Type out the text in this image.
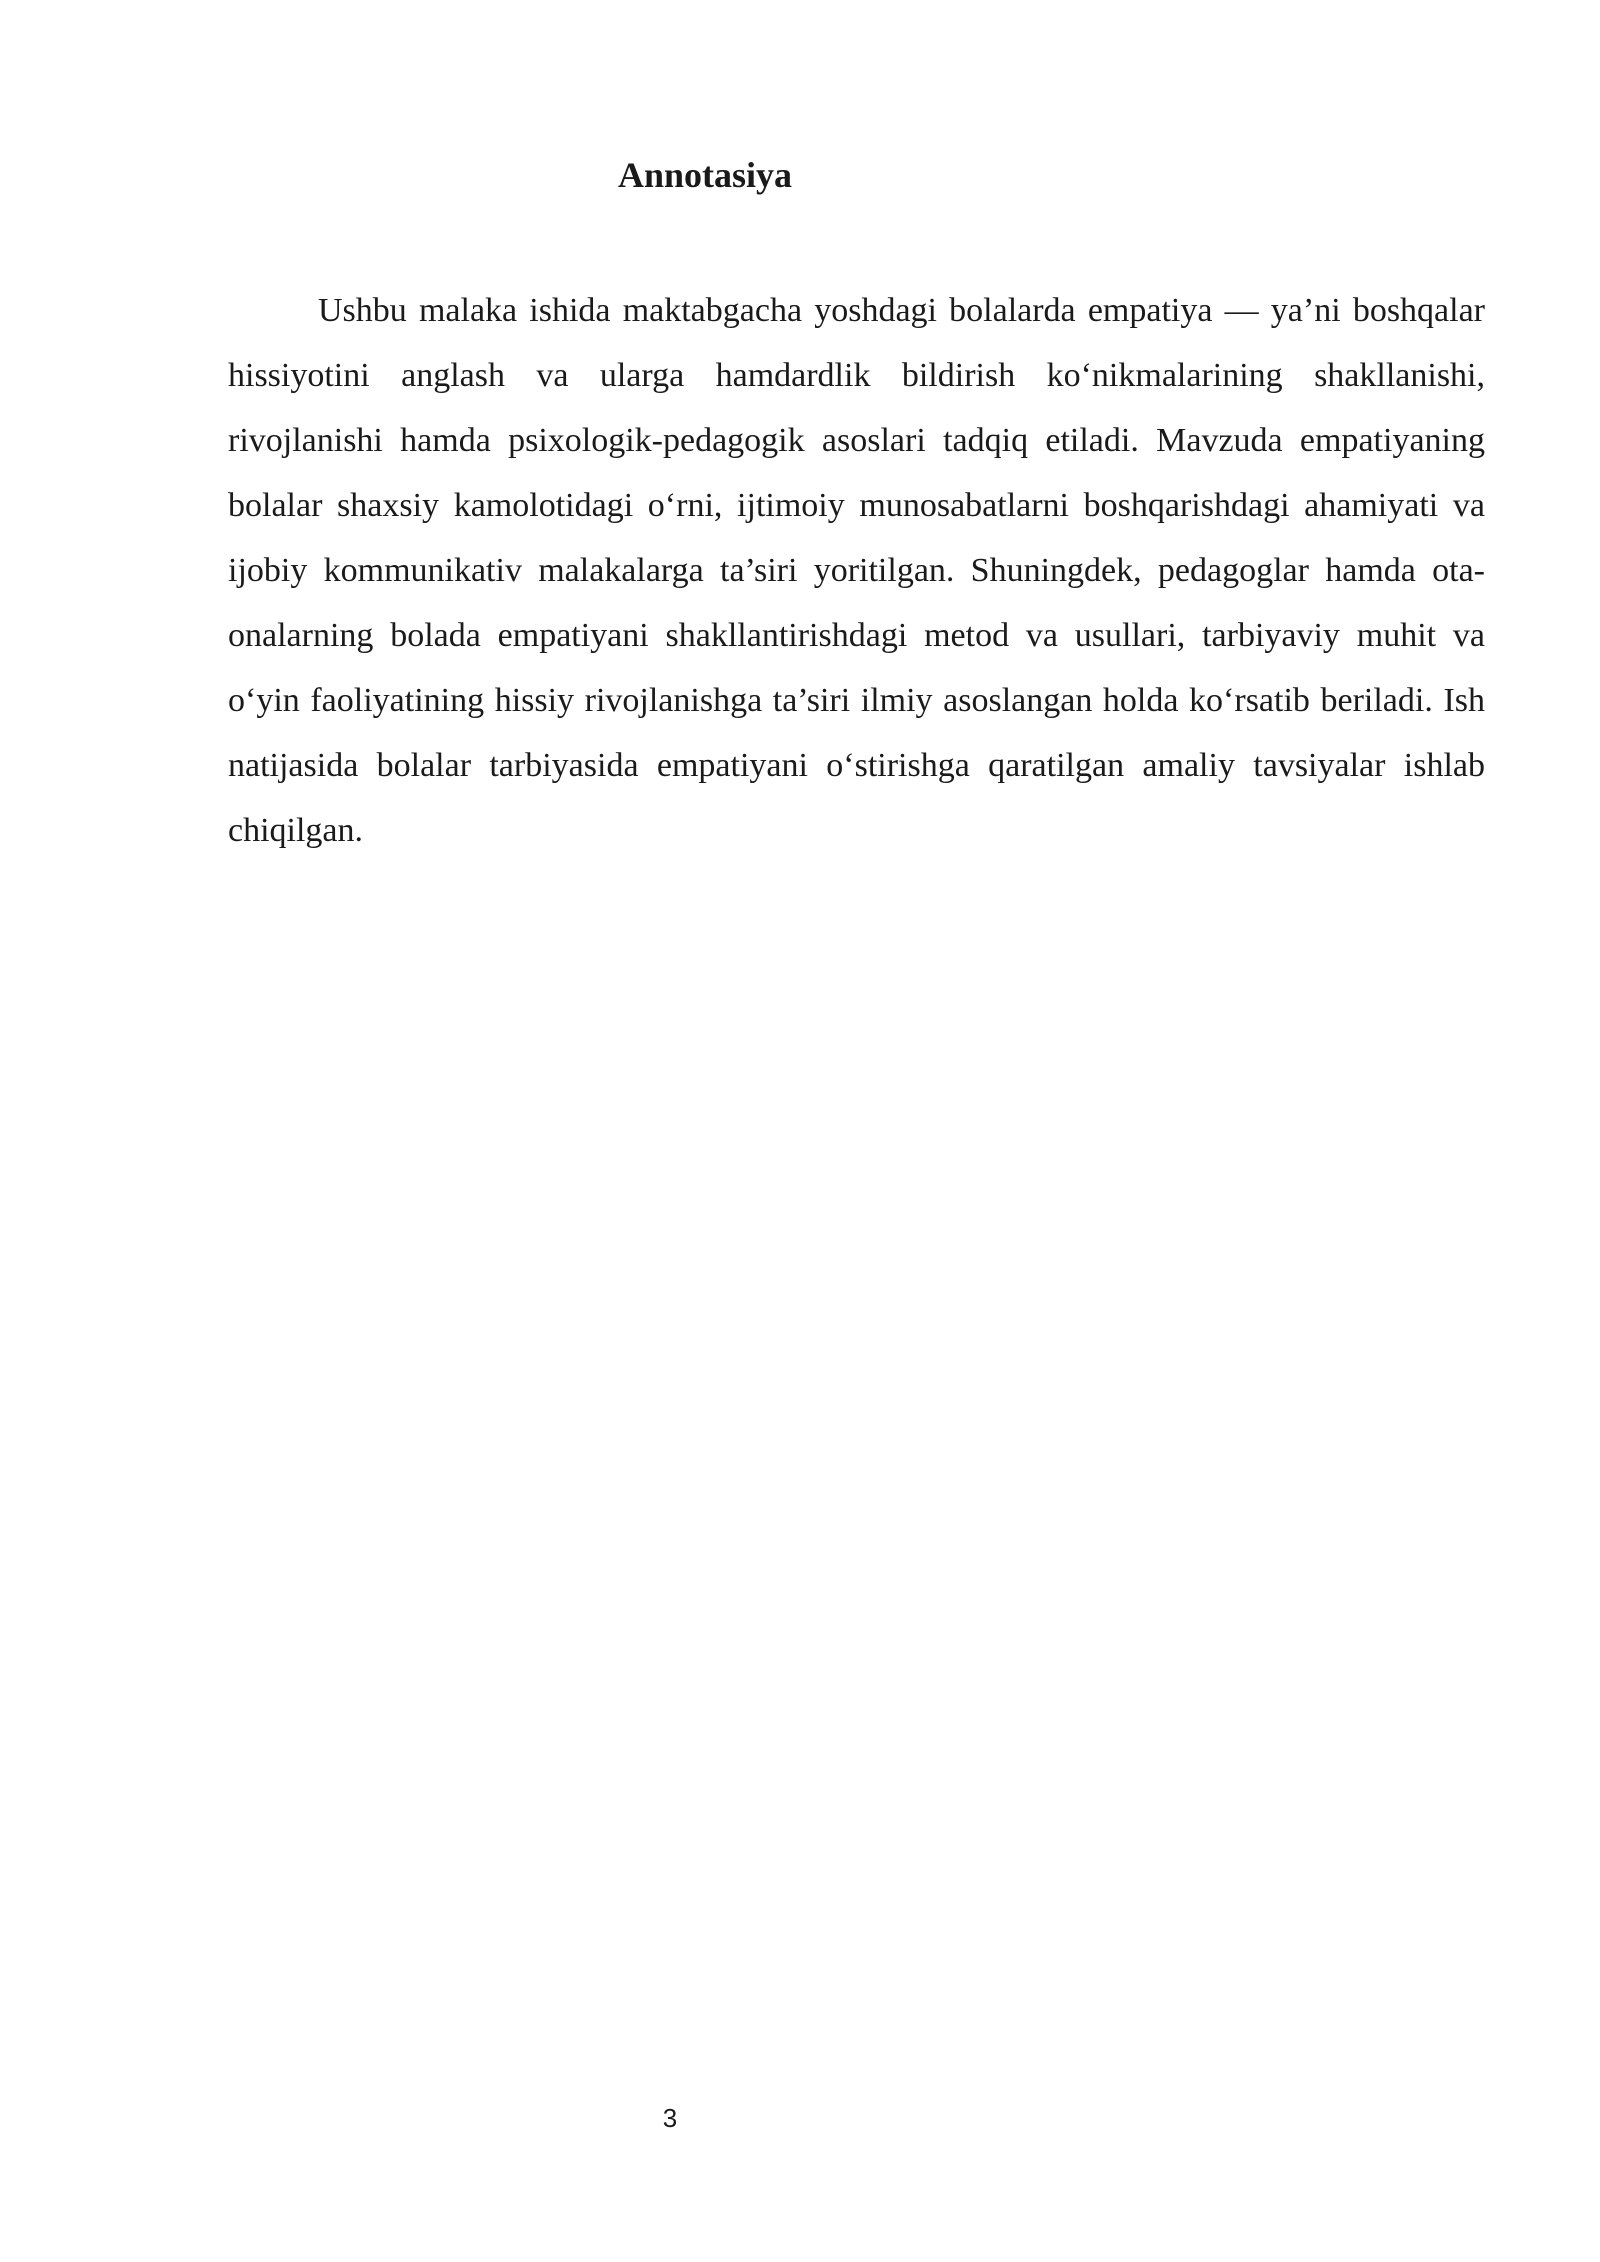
Annotasiya

Ushbu malaka ishida maktabgacha yoshdagi bolalarda empatiya — ya’ni boshqalar hissiyotini anglash va ularga hamdardlik bildirish ko‘nikmalarining shakllanishi, rivojlanishi hamda psixologik-pedagogik asoslari tadqiq etiladi. Mavzuda empatiyaning bolalar shaxsiy kamolotidagi o‘rni, ijtimoiy munosabatlarni boshqarishdagi ahamiyati va ijobiy kommunikativ malakalarga ta’siri yoritilgan. Shuningdek, pedagoglar hamda ota-onalarning bolada empatiyani shakllantirishdagi metod va usullari, tarbiyaviy muhit va o‘yin faoliyatining hissiy rivojlanishga ta’siri ilmiy asoslangan holda ko‘rsatib beriladi. Ish natijasida bolalar tarbiyasida empatiyani o‘stirishga qaratilgan amaliy tavsiyalar ishlab chiqilgan.

3
